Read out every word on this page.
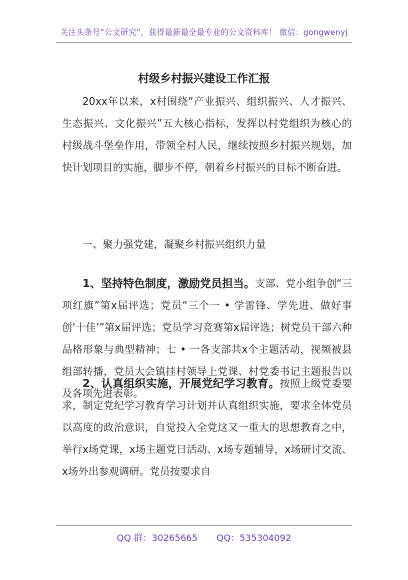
关注头条号“公文研究”，获得最新最全最专业的公文资料库！ 微信：gongwenyj
村级乡村振兴建设工作汇报

20xx年以来，x村围绕“产业振兴、组织振兴、人才振兴、生态振兴、文化振兴”五大核心指标，发挥以村党组织为核心的村级战斗堡垒作用，带领全村人民，继续按照乡村振兴规划，加快计划项目的实施，脚步不停，朝着乡村振兴的目标不断奋进。

一、聚力强党建，凝聚乡村振兴组织力量

1、坚持特色制度，激励党员担当。支部、党小组争创“三项红旗”第x届评选；党员“三个一 • 学雷锋、学先进、做好事创‘十佳’”第x届评选；党员学习竞赛第x届评选；树党员干部六种品格形象与典型精神；七 • 一各支部共x个主题活动，视频被县组部转播，党员大会镇挂村领导上党课、村党委书记主题报告以及各项先进表彰。

2、认真组织实施，开展党纪学习教育。按照上级党委要求，制定党纪学习教育学习计划并认真组织实施，要求全体党员以高度的政治意识，自觉投入全党这又一重大的思想教育之中，举行x场党课，x场主题党日活动、x场专题辅导，x场研讨交流、x场外出参观调研。党员按要求自

QQ 群：30265665 QQ：535304092
